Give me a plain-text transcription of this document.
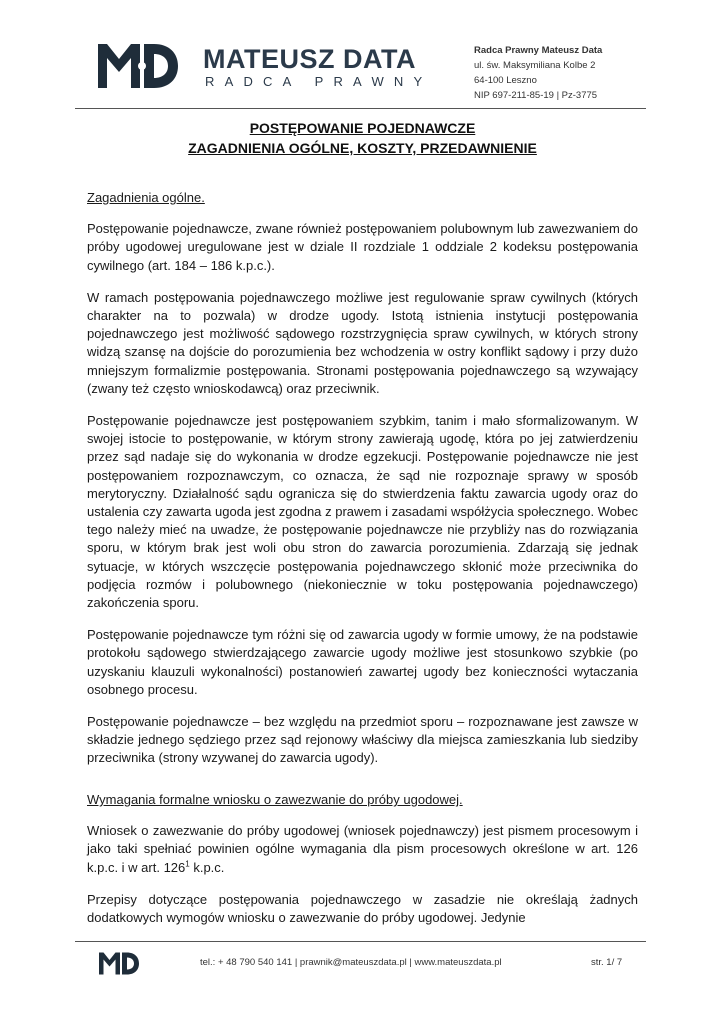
MATEUSZ DATA
RADCA PRAWNY
Radca Prawny Mateusz Data
ul. św. Maksymiliana Kolbe 2
64-100 Leszno
NIP 697-211-85-19 | Pz-3775
POSTĘPOWANIE POJEDNAWCZE
ZAGADNIENIA OGÓLNE, KOSZTY, PRZEDAWNIENIE

Zagadnienia ogólne.

Postępowanie pojednawcze, zwane również postępowaniem polubownym lub zawezwaniem do próby ugodowej uregulowane jest w dziale II rozdziale 1 oddziale 2 kodeksu postępowania cywilnego (art. 184 – 186 k.p.c.).

W ramach postępowania pojednawczego możliwe jest regulowanie spraw cywilnych (których charakter na to pozwala) w drodze ugody. Istotą istnienia instytucji postępowania pojednawczego jest możliwość sądowego rozstrzygnięcia spraw cywilnych, w których strony widzą szansę na dojście do porozumienia bez wchodzenia w ostry konflikt sądowy i przy dużo mniejszym formalizmie postępowania. Stronami postępowania pojednawczego są wzywający (zwany też często wnioskodawcą) oraz przeciwnik.

Postępowanie pojednawcze jest postępowaniem szybkim, tanim i mało sformalizowanym. W swojej istocie to postępowanie, w którym strony zawierają ugodę, która po jej zatwierdzeniu przez sąd nadaje się do wykonania w drodze egzekucji. Postępowanie pojednawcze nie jest postępowaniem rozpoznawczym, co oznacza, że sąd nie rozpoznaje sprawy w sposób merytoryczny. Działalność sądu ogranicza się do stwierdzenia faktu zawarcia ugody oraz do ustalenia czy zawarta ugoda jest zgodna z prawem i zasadami współżycia społecznego. Wobec tego należy mieć na uwadze, że postępowanie pojednawcze nie przybliży nas do rozwiązania sporu, w którym brak jest woli obu stron do zawarcia porozumienia. Zdarzają się jednak sytuacje, w których wszczęcie postępowania pojednawczego skłonić może przeciwnika do podjęcia rozmów i polubownego (niekoniecznie w toku postępowania pojednawczego) zakończenia sporu.

Postępowanie pojednawcze tym różni się od zawarcia ugody w formie umowy, że na podstawie protokołu sądowego stwierdzającego zawarcie ugody możliwe jest stosunkowo szybkie (po uzyskaniu klauzuli wykonalności) postanowień zawartej ugody bez konieczności wytaczania osobnego procesu.

Postępowanie pojednawcze – bez względu na przedmiot sporu – rozpoznawane jest zawsze w składzie jednego sędziego przez sąd rejonowy właściwy dla miejsca zamieszkania lub siedziby przeciwnika (strony wzywanej do zawarcia ugody).

Wymagania formalne wniosku o zawezwanie do próby ugodowej.

Wniosek o zawezwanie do próby ugodowej (wniosek pojednawczy) jest pismem procesowym i jako taki spełniać powinien ogólne wymagania dla pism procesowych określone w art. 126 k.p.c. i w art. $126^1$ k.p.c.

Przepisy dotyczące postępowania pojednawczego w zasadzie nie określają żadnych dodatkowych wymogów wniosku o zawezwanie do próby ugodowej. Jedynie

tel.: + 48 790 540 141 | prawnik@mateuszdata.pl | www.mateuszdata.pl	str. 1/ 7
